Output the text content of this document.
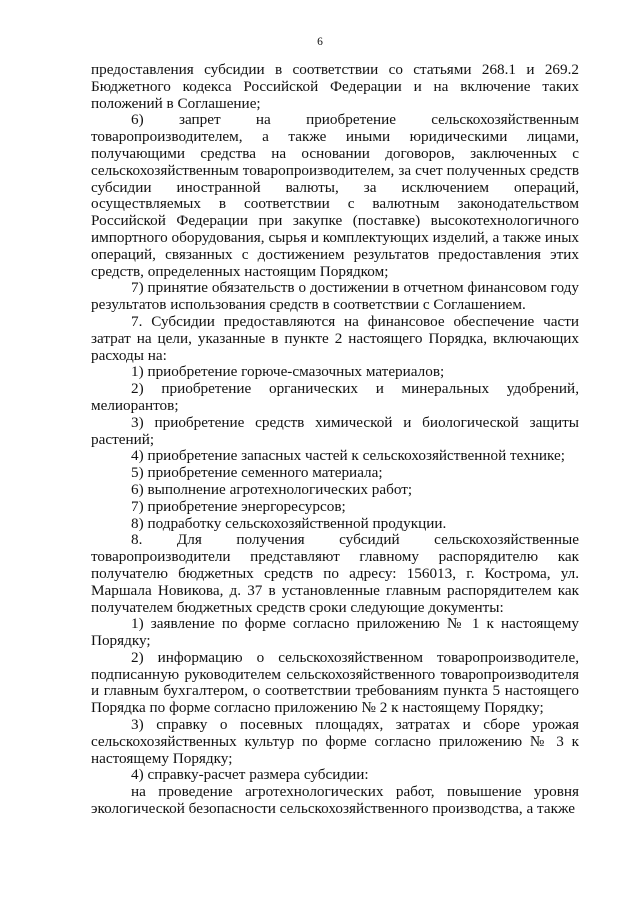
6

предоставления субсидии в соответствии со статьями 268.1 и 269.2 Бюджетного кодекса Российской Федерации и на включение таких положений в Соглашение;

6) запрет на приобретение сельскохозяйственным товаропроизводителем, а также иными юридическими лицами, получающими средства на основании договоров, заключенных с сельскохозяйственным товаропроизводителем, за счет полученных средств субсидии иностранной валюты, за исключением операций, осуществляемых в соответствии с валютным законодательством Российской Федерации при закупке (поставке) высокотехнологичного импортного оборудования, сырья и комплектующих изделий, а также иных операций, связанных с достижением результатов предоставления этих средств, определенных настоящим Порядком;

7) принятие обязательств о достижении в отчетном финансовом году результатов использования средств в соответствии с Соглашением.

7. Субсидии предоставляются на финансовое обеспечение части затрат на цели, указанные в пункте 2 настоящего Порядка, включающих расходы на:

1) приобретение горюче-смазочных материалов;

2) приобретение органических и минеральных удобрений, мелиорантов;

3) приобретение средств химической и биологической защиты растений;

4) приобретение запасных частей к сельскохозяйственной технике;

5) приобретение семенного материала;

6) выполнение агротехнологических работ;

7) приобретение энергоресурсов;

8) подработку сельскохозяйственной продукции.

8. Для получения субсидий сельскохозяйственные товаропроизводители представляют главному распорядителю как получателю бюджетных средств по адресу: 156013, г. Кострома, ул. Маршала Новикова, д. 37 в установленные главным распорядителем как получателем бюджетных средств сроки следующие документы:

1) заявление по форме согласно приложению № 1 к настоящему Порядку;

2) информацию о сельскохозяйственном товаропроизводителе, подписанную руководителем сельскохозяйственного товаропроизводителя и главным бухгалтером, о соответствии требованиям пункта 5 настоящего Порядка по форме согласно приложению № 2 к настоящему Порядку;

3) справку о посевных площадях, затратах и сборе урожая сельскохозяйственных культур по форме согласно приложению № 3 к настоящему Порядку;

4) справку-расчет размера субсидии:

на проведение агротехнологических работ, повышение уровня экологической безопасности сельскохозяйственного производства, а также
